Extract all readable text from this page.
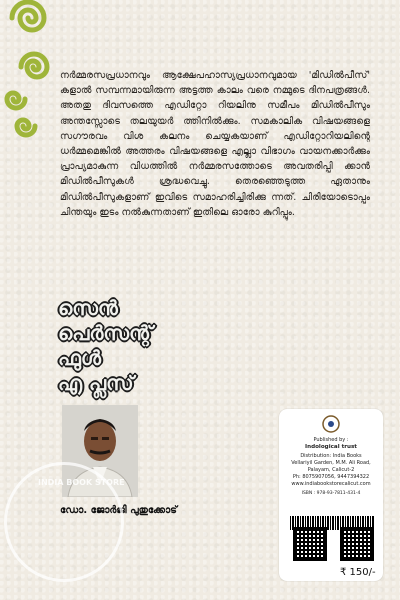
നർമ്മരസപ്രധാനവും ആക്ഷേപഹാസ്യപ്രധാനവുമായ 'മിഡിൽപീസ്' കളാൽ സമ്പന്നമായിരുന്ന അട്ടത്ത കാലം വരെ നമ്മുടെ ദിനപത്രങ്ങൾ. അതതു ദിവസത്തെ എഡിറ്റോ റിയലിനു സമീപം മിഡിൽപീസും അന്തസ്സോടെ തലയുയർ ത്തിനിൽക്കും. സമകാലിക വിഷയങ്ങളെ സഗൗരവം വിശ കലനം ചെയ്യകയാണ് എഡിറ്റോറിയലിന്റെ ധർമ്മമെങ്കിൽ അത്തരം വിഷയങ്ങളെ എല്ലാ വിഭാഗം വായനക്കാർക്കും പ്രാപ്യമാകുന്ന വിധത്തിൽ നർമ്മരസത്തോടെ അവതരിപ്പി ക്കാൻ മിഡിൽപീസുകൾ ശ്രദ്ധവെച്ചു. തെരഞ്ഞെടുത്ത ഏതാനും മിഡിൽപീസുകളാണ് ഇവിടെ സമാഹരിച്ചിരിക്കു ന്നത്. ചിരിയോടൊപ്പം ചിന്തയും ഇടം നൽകുന്നതാണ് ഇതിലെ ഓരോ കുറിപ്പും.
സെൻ
പെർസന്റ്
ഫുൾ
എ പ്ലസ്
ഡോ. ജോർജി പുതുക്കോട്
INDIA BOOK STORE
Published by :
Indological trust
Distribution: India Books
Vellariyil Garden, M.M. Ali Road,
Palayam, Calicut-2
Ph: 8075907056, 9447394322
www.indiabookstorecalicut.com
ISBN : 978-93-7811-431-4
₹ 150/-
